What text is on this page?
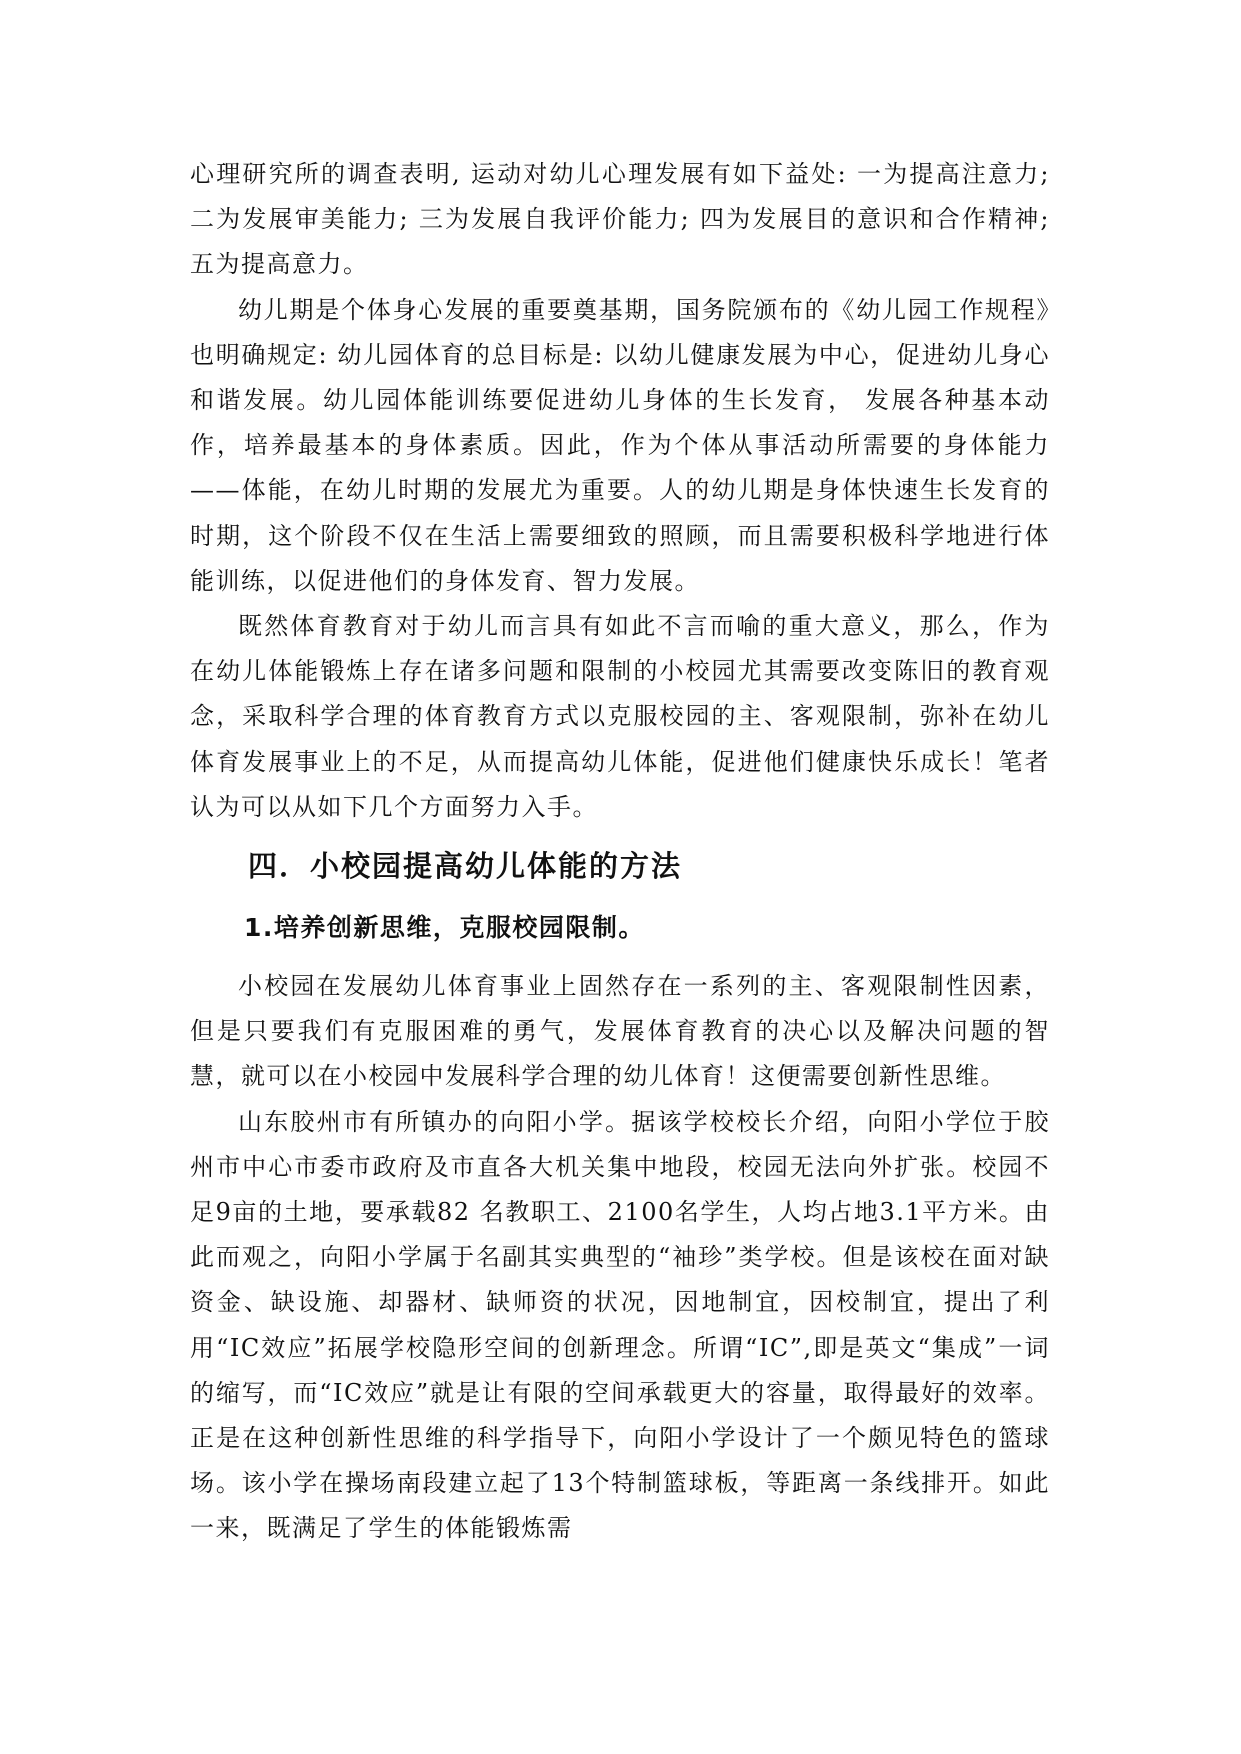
心理研究所的调查表明, 运动对幼儿心理发展有如下益处: 一为提高注意力; 二为发展审美能力; 三为发展自我评价能力; 四为发展目的意识和合作精神; 五为提高意力。

幼儿期是个体身心发展的重要奠基期，国务院颁布的《幼儿园工作规程》也明确规定: 幼儿园体育的总目标是: 以幼儿健康发展为中心，促进幼儿身心和谐发展。幼儿园体能训练要促进幼儿身体的生长发育， 发展各种基本动作，培养最基本的身体素质。因此，作为个体从事活动所需要的身体能力——体能，在幼儿时期的发展尤为重要。人的幼儿期是身体快速生长发育的时期，这个阶段不仅在生活上需要细致的照顾，而且需要积极科学地进行体能训练，以促进他们的身体发育、智力发展。

既然体育教育对于幼儿而言具有如此不言而喻的重大意义，那么，作为在幼儿体能锻炼上存在诸多问题和限制的小校园尤其需要改变陈旧的教育观念，采取科学合理的体育教育方式以克服校园的主、客观限制，弥补在幼儿体育发展事业上的不足，从而提高幼儿体能，促进他们健康快乐成长！笔者认为可以从如下几个方面努力入手。

四．小校园提高幼儿体能的方法
1.培养创新思维，克服校园限制。

小校园在发展幼儿体育事业上固然存在一系列的主、客观限制性因素，但是只要我们有克服困难的勇气，发展体育教育的决心以及解决问题的智慧，就可以在小校园中发展科学合理的幼儿体育！这便需要创新性思维。

山东胶州市有所镇办的向阳小学。据该学校校长介绍，向阳小学位于胶州市中心市委市政府及市直各大机关集中地段，校园无法向外扩张。校园不足9亩的土地，要承载82 名教职工、2100名学生，人均占地3.1平方米。由此而观之，向阳小学属于名副其实典型的“袖珍”类学校。但是该校在面对缺资金、缺设施、却器材、缺师资的状况，因地制宜，因校制宜，提出了利用“IC效应”拓展学校隐形空间的创新理念。所谓“IC”,即是英文“集成”一词的缩写，而“IC效应”就是让有限的空间承载更大的容量，取得最好的效率。正是在这种创新性思维的科学指导下，向阳小学设计了一个颇见特色的篮球场。该小学在操场南段建立起了13个特制篮球板，等距离一条线排开。如此一来，既满足了学生的体能锻炼需
